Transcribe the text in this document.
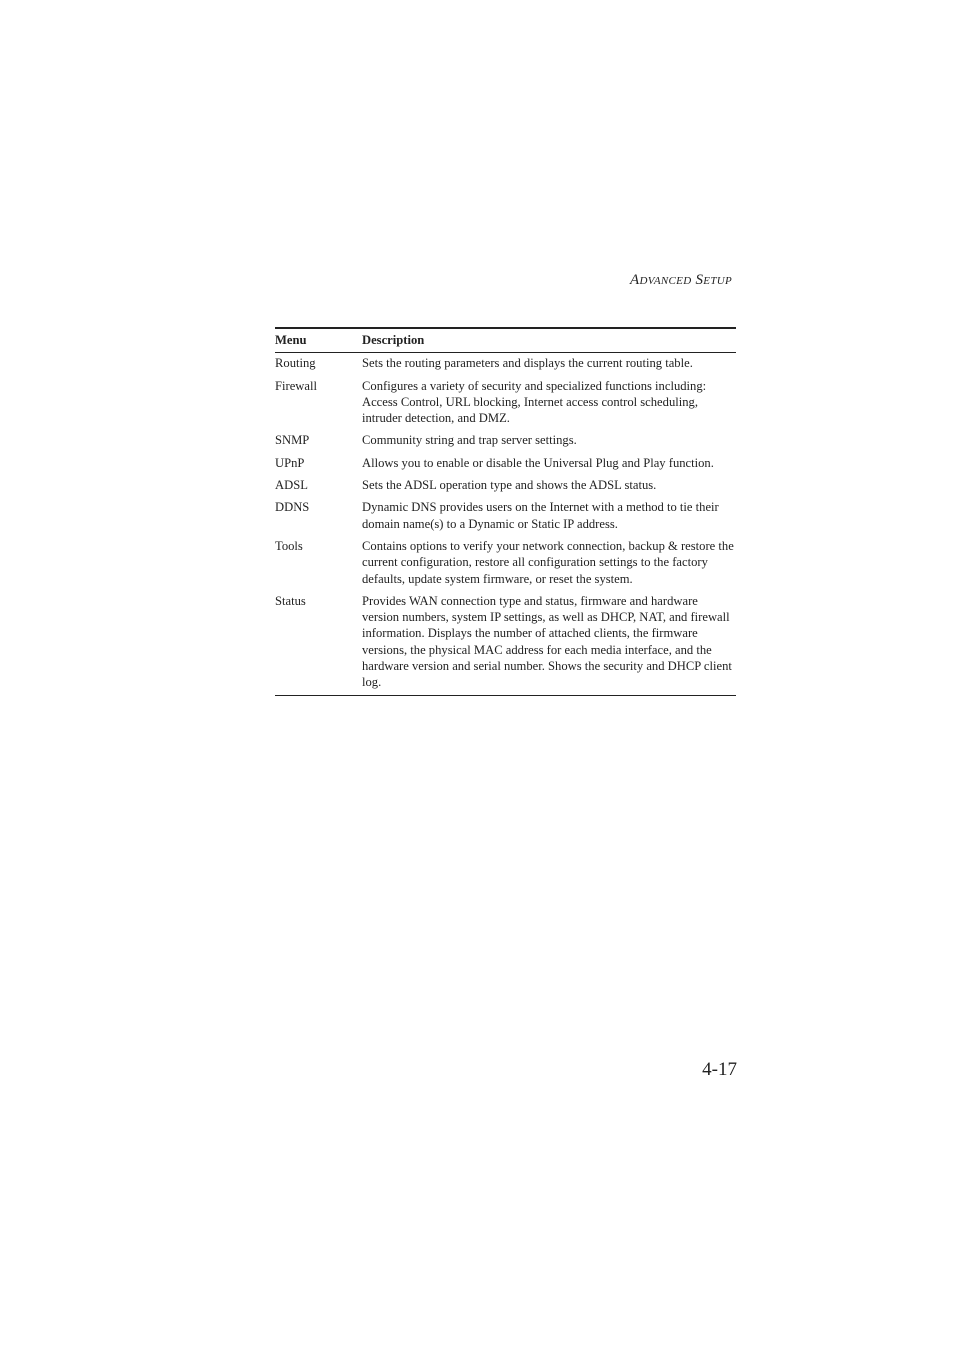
Advanced Setup
Menu	Description
Routing	Sets the routing parameters and displays the current routing table.
Firewall	Configures a variety of security and specialized functions including: Access Control, URL blocking, Internet access control scheduling, intruder detection, and DMZ.
SNMP	Community string and trap server settings.
UPnP	Allows you to enable or disable the Universal Plug and Play function.
ADSL	Sets the ADSL operation type and shows the ADSL status.
DDNS	Dynamic DNS provides users on the Internet with a method to tie their domain name(s) to a Dynamic or Static IP address.
Tools	Contains options to verify your network connection, backup & restore the current configuration, restore all configuration settings to the factory defaults, update system firmware, or reset the system.
Status	Provides WAN connection type and status, firmware and hardware version numbers, system IP settings, as well as DHCP, NAT, and firewall information. Displays the number of attached clients, the firmware versions, the physical MAC address for each media interface, and the hardware version and serial number. Shows the security and DHCP client log.
4-17
